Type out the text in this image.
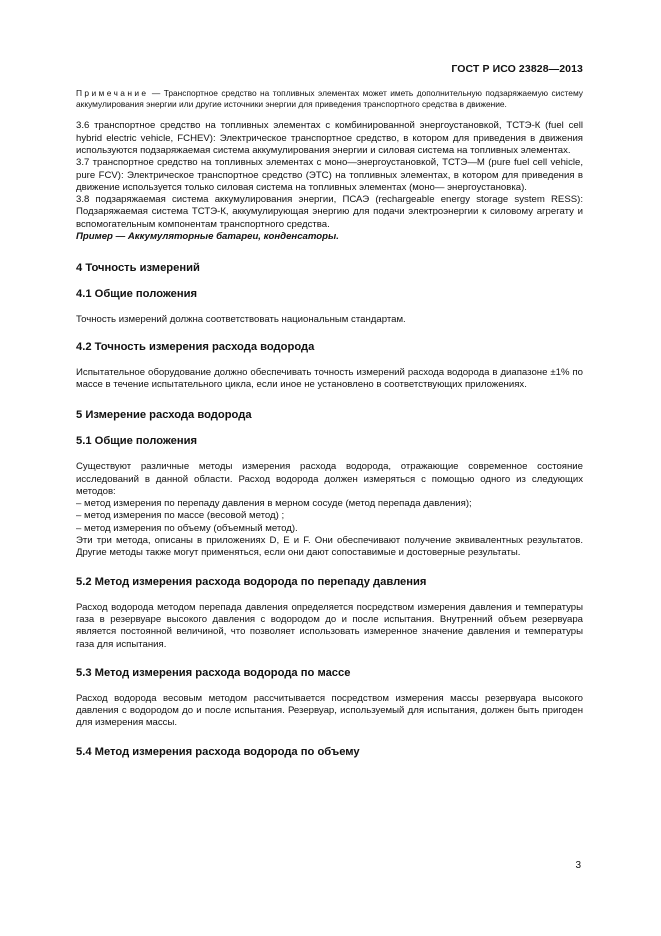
ГОСТ Р ИСО 23828—2013

Примечание — Транспортное средство на топливных элементах может иметь дополнительную подзаряжаемую систему аккумулирования энергии или другие источники энергии для приведения транспортного средства в движение.

3.6 транспортное средство на топливных элементах с комбинированной энергоустановкой, ТСТЭ-К (fuel cell hybrid electric vehicle, FCHEV): Электрическое транспортное средство, в котором для приведения в движения используются подзаряжаемая система аккумулирования энергии и силовая система на топливных элементах.

3.7 транспортное средство на топливных элементах с моно—энергоустановкой, ТСТЭ—М (pure fuel cell vehicle, pure FCV): Электрическое транспортное средство (ЭТС) на топливных элементах, в котором для приведения в движение используется только силовая система на топливных элементах (моно— энергоустановка).

3.8 подзаряжаемая система аккумулирования энергии, ПСАЭ (rechargeable energy storage system RESS): Подзаряжаемая система ТСТЭ-К, аккумулирующая энергию для подачи электроэнергии к силовому агрегату и вспомогательным компонентам транспортного средства.

Пример — Аккумуляторные батареи, конденсаторы.

4 Точность измерений
4.1 Общие положения

Точность измерений должна соответствовать национальным стандартам.

4.2 Точность измерения расхода водорода

Испытательное оборудование должно обеспечивать точность измерений расхода водорода в диапазоне ±1% по массе в течение испытательного цикла, если иное не установлено в соответствующих приложениях.

5 Измерение расхода водорода
5.1 Общие положения

Существуют различные методы измерения расхода водорода, отражающие современное состояние исследований в данной области. Расход водорода должен измеряться с помощью одного из следующих методов:

– метод измерения по перепаду давления в мерном сосуде (метод перепада давления);

– метод измерения по массе (весовой метод) ;

– метод измерения по объему (объемный метод).

Эти три метода, описаны в приложениях D, E и F. Они обеспечивают получение эквивалентных результатов. Другие методы также могут применяться, если они дают сопоставимые и достоверные результаты.

5.2 Метод измерения расхода водорода по перепаду давления

Расход водорода методом перепада давления определяется посредством измерения давления и температуры газа в резервуаре высокого давления с водородом до и после испытания. Внутренний объем резервуара является постоянной величиной, что позволяет использовать измеренное значение давления и температуры газа для испытания.

5.3 Метод измерения расхода водорода по массе

Расход водорода весовым методом рассчитывается посредством измерения массы резервуара высокого давления с водородом до и после испытания. Резервуар, используемый для испытания, должен быть пригоден для измерения массы.

5.4 Метод измерения расхода водорода по объему
3
